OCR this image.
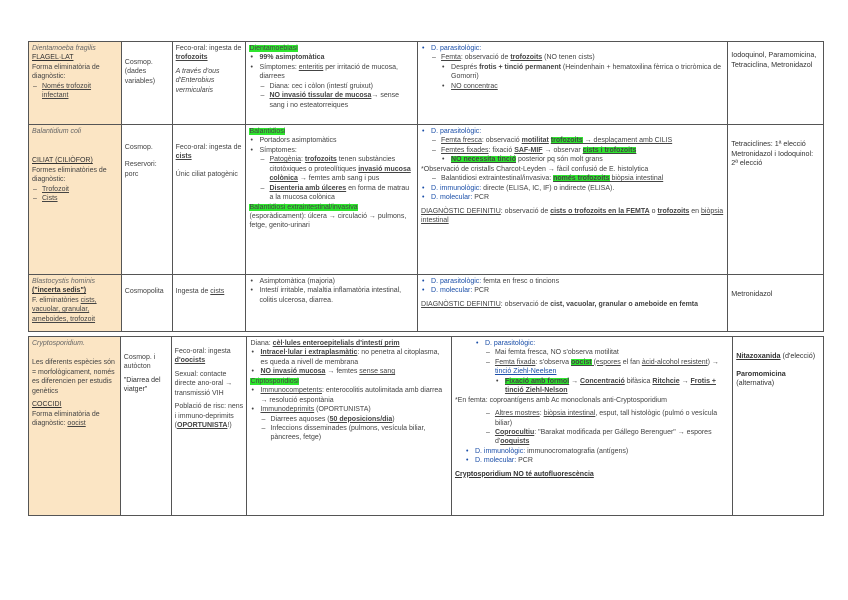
Dientamoeba fragilis
FLAGEL·LAT
Forma eliminatòria de diagnòstic:
– Només trofozoit infectant
Cosmop. (dades variables)
Feco-oral: ingesta de
trofozoits
A través d'ous d'Enterobius vermicularis
Dientamoebiasi
• 99% asimptomàtica
• Símptomes: enteritis per irritació de mucosa, diarrees
– Diana: cec i còlon (intestí gruixut)
– NO invasió tissular de mucosa→ sense sang i no esteatorreiques
• D. parasitològic:
– Femta: observació de trofozoits (NO tenen cists)
• Després frotis + tinció permanent (Heindenhain + hematoxilina fèrrica o tricròmica de Gomorri)
• NO concentrac
Iodoquinol, Paramomicina, Tetraciclina, Metronidazol
Balantidium coli
CILIAT (CILIÒFOR)
Formes eliminatòries de diagnòstic:
– Trofozoit
– Cists
Cosmop.
Reservori: porc
Feco-oral: ingesta de cists
Únic ciliat patogènic
Balantidiosi
• Portadors asimptomàtics
• Símptomes:
– Patogènia: trofozoits tenen substàncies citotòxiques o proteolítiques invasió mucosa colònica → femtes amb sang i pus
– Disenteria amb úlceres en forma de matrau a la mucosa colònica
Balantidiosi extraintestinal/invasiva
(esporàdicament): úlcera → circulació → pulmons, fetge, genito-urinari
• D. parasitològic:
– Femta fresca: observació motilitat trofozoits → desplaçament amb CILIS
– Femtes fixades: fixació SAF-MIF → observar cists i trofozoits
• NO necessita tinció posterior pq són molt grans
*Observació de cristalls Charcot-Leyden → fàcil confusió de E. histolytica
– Balantidiosi extraintestinal/invasiva: només trofozoits biòpsia intestinal
• D. immunològic: directe (ELISA, IC, IF) o indirecte (ELISA).
• D. molecular: PCR
DIAGNÒSTIC DEFINITIU: observació de cists o trofozoits en la FEMTA o trofozoits en biòpsia intestinal
Tetraciclines: 1ª elecció
Metronidazol i Iodoquinol: 2ª elecció
Blastocystis hominis
("incerta sedis")
F. eliminatòries cists, vacuolar, granular, ameboides, trofozoit
Cosmopolita	Ingesta de cists
• Asimptomàtica (majoria)
• Intestí irritable, malaltia inflamatòria intestinal, colitis ulcerosa, diarrea.
• D. parasitològic: femta en fresc o tincions
• D. molecular: PCR
DIAGNÒSTIC DEFINITIU: observació de cist, vacuolar, granular o ameboide en femta
Metronidazol
Cryptosporidium.
Les diferents espècies són = morfològicament, només es diferencien per estudis genètics
COCCIDI
Forma eliminatòria de diagnòstic: oocist
Cosmop. i autòcton
"Diarrea del viatger"
Feco-oral: ingesta d'oocists
Sexual: contacte directe ano-oral → transmissió VIH
Població de risc: nens i immuno-deprimits (OPORTUNISTA!)
Diana: cèl·lules enteroepitelials d'intestí prim
• Intracel·lular i extraplasmàtic: no penetra al citoplasma, es queda a nivell de membrana
• NO invasió mucosa → femtes sense sang
Criptosporidiosi
• Immunocompetents: enterocolitis autolimitada amb diarrea → resolució espontània
• Immunodeprimits (OPORTUNISTA)
– Diarrees aquoses (50 deposicions/dia)
– Infeccions disseminades (pulmons, vesícula biliar, pàncrees, fetge)
• D. parasitològic:
– Mai femta fresca, NO s'observa motilitat
– Femta fixada: s'observa oocist (espores el fan àcid-alcohol resistent) → tinció Ziehl-Neelsen
• Fixació amb formol → Concentració bifàsica Ritchcie → Frotis + tinció Ziehl-Nelson
*En femta: coproantígens amb Ac monoclonals anti-Cryptosporidium
– Altres mostres: biòpsia intestinal, esput, tall histològic (pulmó o vesícula biliar)
– Coprocultiu: "Barakat modificada per Gállego Berenguer" → espores d'ooquists
• D. immunològic: immunocromatografia (antígens)
• D. molecular: PCR
Cryptosporidium NO té autofluorescència
Nitazoxanida (d'elecció)
Paromomicina (alternativa)
